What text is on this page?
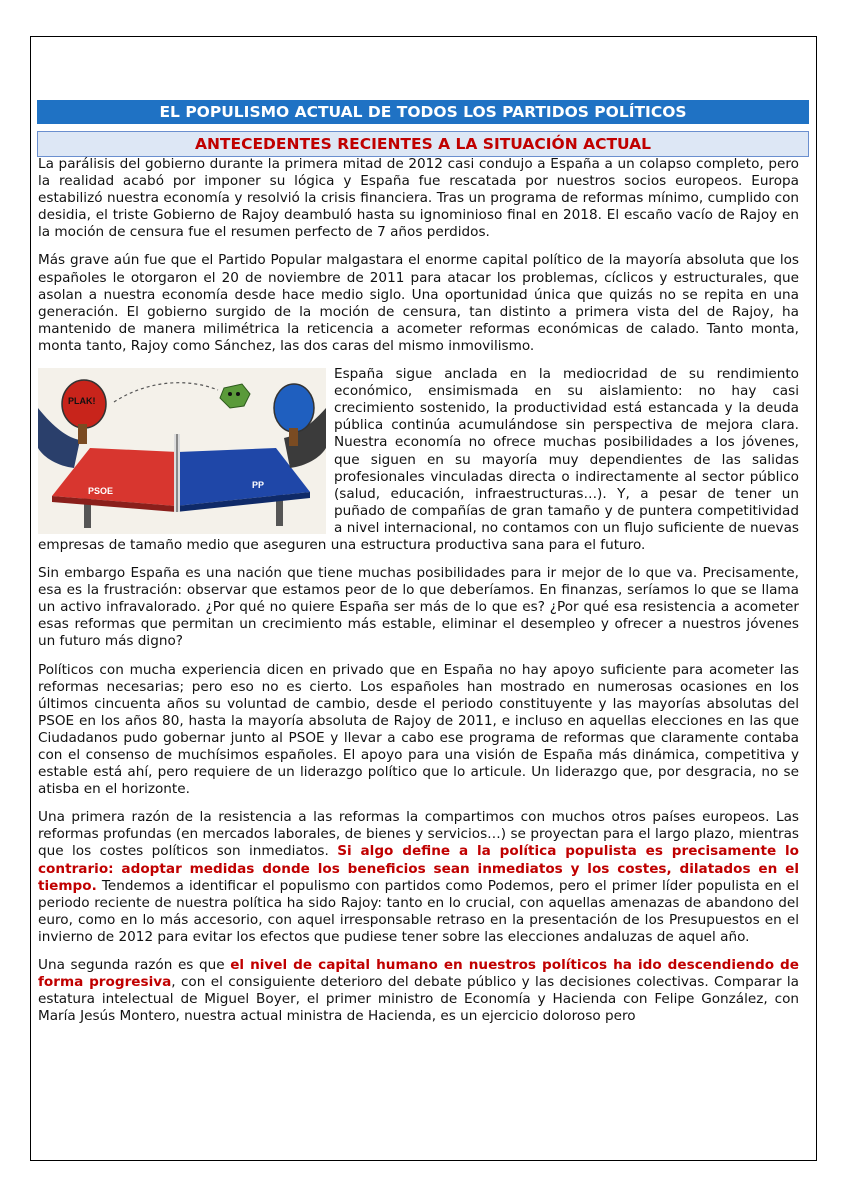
EL POPULISMO ACTUAL DE TODOS LOS PARTIDOS POLÍTICOS
ANTECEDENTES RECIENTES A LA SITUACIÓN ACTUAL

La parálisis del gobierno durante la primera mitad de 2012 casi condujo a España a un colapso completo, pero la realidad acabó por imponer su lógica y España fue rescatada por nuestros socios europeos. Europa estabilizó nuestra economía y resolvió la crisis financiera. Tras un programa de reformas mínimo, cumplido con desidia, el triste Gobierno de Rajoy deambuló hasta su ignominioso final en 2018. El escaño vacío de Rajoy en la moción de censura fue el resumen perfecto de 7 años perdidos.

Más grave aún fue que el Partido Popular malgastara el enorme capital político de la mayoría absoluta que los españoles le otorgaron el 20 de noviembre de 2011 para atacar los problemas, cíclicos y estructurales, que asolan a nuestra economía desde hace medio siglo. Una oportunidad única que quizás no se repita en una generación. El gobierno surgido de la moción de censura, tan distinto a primera vista del de Rajoy, ha mantenido de manera milimétrica la reticencia a acometer reformas económicas de calado. Tanto monta, monta tanto, Rajoy como Sánchez, las dos caras del mismo inmovilismo.

PLAK!
PSOE
PP

España sigue anclada en la mediocridad de su rendimiento económico, ensimismada en su aislamiento: no hay casi crecimiento sostenido, la productividad está estancada y la deuda pública continúa acumulándose sin perspectiva de mejora clara. Nuestra economía no ofrece muchas posibilidades a los jóvenes, que siguen en su mayoría muy dependientes de las salidas profesionales vinculadas directa o indirectamente al sector público (salud, educación, infraestructuras…). Y, a pesar de tener un puñado de compañías de gran tamaño y de puntera competitividad a nivel internacional, no contamos con un flujo suficiente de nuevas empresas de tamaño medio que aseguren una estructura productiva sana para el futuro.

Sin embargo España es una nación que tiene muchas posibilidades para ir mejor de lo que va. Precisamente, esa es la frustración: observar que estamos peor de lo que deberíamos. En finanzas, seríamos lo que se llama un activo infravalorado. ¿Por qué no quiere España ser más de lo que es? ¿Por qué esa resistencia a acometer esas reformas que permitan un crecimiento más estable, eliminar el desempleo y ofrecer a nuestros jóvenes un futuro más digno?

Políticos con mucha experiencia dicen en privado que en España no hay apoyo suficiente para acometer las reformas necesarias; pero eso no es cierto. Los españoles han mostrado en numerosas ocasiones en los últimos cincuenta años su voluntad de cambio, desde el periodo constituyente y las mayorías absolutas del PSOE en los años 80, hasta la mayoría absoluta de Rajoy de 2011, e incluso en aquellas elecciones en las que Ciudadanos pudo gobernar junto al PSOE y llevar a cabo ese programa de reformas que claramente contaba con el consenso de muchísimos españoles. El apoyo para una visión de España más dinámica, competitiva y estable está ahí, pero requiere de un liderazgo político que lo articule. Un liderazgo que, por desgracia, no se atisba en el horizonte.

Una primera razón de la resistencia a las reformas la compartimos con muchos otros países europeos. Las reformas profundas (en mercados laborales, de bienes y servicios…) se proyectan para el largo plazo, mientras que los costes políticos son inmediatos. Si algo define a la política populista es precisamente lo contrario: adoptar medidas donde los beneficios sean inmediatos y los costes, dilatados en el tiempo. Tendemos a identificar el populismo con partidos como Podemos, pero el primer líder populista en el periodo reciente de nuestra política ha sido Rajoy: tanto en lo crucial, con aquellas amenazas de abandono del euro, como en lo más accesorio, con aquel irresponsable retraso en la presentación de los Presupuestos en el invierno de 2012 para evitar los efectos que pudiese tener sobre las elecciones andaluzas de aquel año.

Una segunda razón es que el nivel de capital humano en nuestros políticos ha ido descendiendo de forma progresiva, con el consiguiente deterioro del debate público y las decisiones colectivas. Comparar la estatura intelectual de Miguel Boyer, el primer ministro de Economía y Hacienda con Felipe González, con María Jesús Montero, nuestra actual ministra de Hacienda, es un ejercicio doloroso pero
